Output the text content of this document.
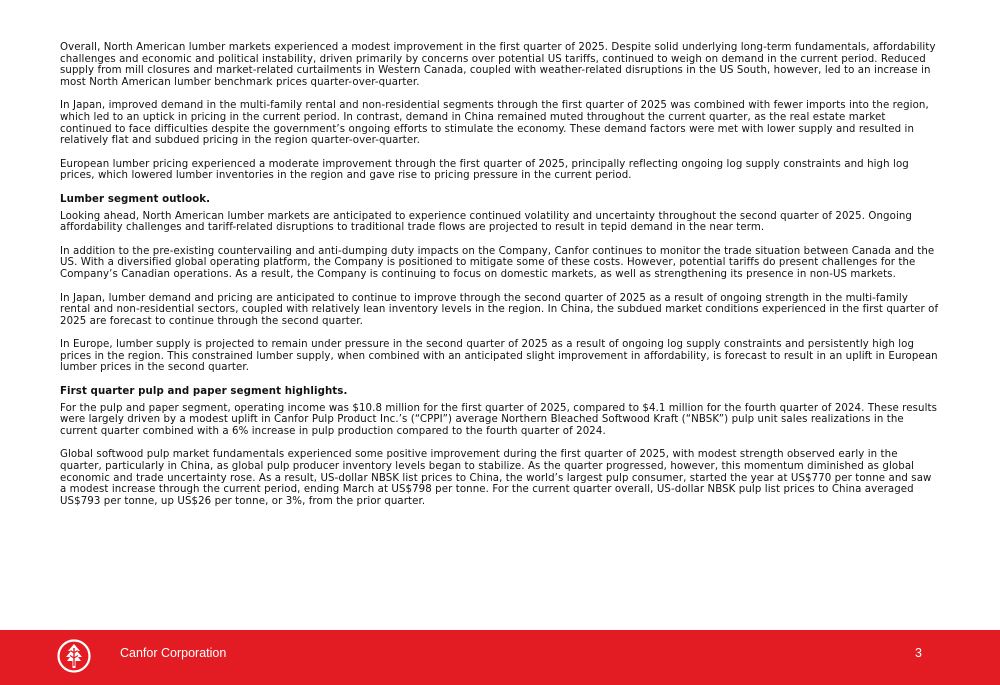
Overall, North American lumber markets experienced a modest improvement in the first quarter of 2025. Despite solid underlying long-term fundamentals, affordability challenges and economic and political instability, driven primarily by concerns over potential US tariffs, continued to weigh on demand in the current period. Reduced supply from mill closures and market-related curtailments in Western Canada, coupled with weather-related disruptions in the US South, however, led to an increase in most North American lumber benchmark prices quarter-over-quarter.

In Japan, improved demand in the multi-family rental and non-residential segments through the first quarter of 2025 was combined with fewer imports into the region, which led to an uptick in pricing in the current period. In contrast, demand in China remained muted throughout the current quarter, as the real estate market continued to face difficulties despite the government’s ongoing efforts to stimulate the economy. These demand factors were met with lower supply and resulted in relatively flat and subdued pricing in the region quarter-over-quarter.

European lumber pricing experienced a moderate improvement through the first quarter of 2025, principally reflecting ongoing log supply constraints and high log prices, which lowered lumber inventories in the region and gave rise to pricing pressure in the current period.

Lumber segment outlook.

Looking ahead, North American lumber markets are anticipated to experience continued volatility and uncertainty throughout the second quarter of 2025. Ongoing affordability challenges and tariff-related disruptions to traditional trade flows are projected to result in tepid demand in the near term.

In addition to the pre-existing countervailing and anti-dumping duty impacts on the Company, Canfor continues to monitor the trade situation between Canada and the US. With a diversified global operating platform, the Company is positioned to mitigate some of these costs. However, potential tariffs do present challenges for the Company’s Canadian operations. As a result, the Company is continuing to focus on domestic markets, as well as strengthening its presence in non-US markets.

In Japan, lumber demand and pricing are anticipated to continue to improve through the second quarter of 2025 as a result of ongoing strength in the multi-family rental and non-residential sectors, coupled with relatively lean inventory levels in the region. In China, the subdued market conditions experienced in the first quarter of 2025 are forecast to continue through the second quarter.

In Europe, lumber supply is projected to remain under pressure in the second quarter of 2025 as a result of ongoing log supply constraints and persistently high log prices in the region. This constrained lumber supply, when combined with an anticipated slight improvement in affordability, is forecast to result in an uplift in European lumber prices in the second quarter.

First quarter pulp and paper segment highlights.

For the pulp and paper segment, operating income was $10.8 million for the first quarter of 2025, compared to $4.1 million for the fourth quarter of 2024. These results were largely driven by a modest uplift in Canfor Pulp Product Inc.’s (“CPPI”) average Northern Bleached Softwood Kraft (“NBSK”) pulp unit sales realizations in the current quarter combined with a 6% increase in pulp production compared to the fourth quarter of 2024.

Global softwood pulp market fundamentals experienced some positive improvement during the first quarter of 2025, with modest strength observed early in the quarter, particularly in China, as global pulp producer inventory levels began to stabilize. As the quarter progressed, however, this momentum diminished as global economic and trade uncertainty rose. As a result, US-dollar NBSK list prices to China, the world’s largest pulp consumer, started the year at US$770 per tonne and saw a modest increase through the current period, ending March at US$798 per tonne. For the current quarter overall, US-dollar NBSK pulp list prices to China averaged US$793 per tonne, up US$26 per tonne, or 3%, from the prior quarter.

Canfor Corporation	3
